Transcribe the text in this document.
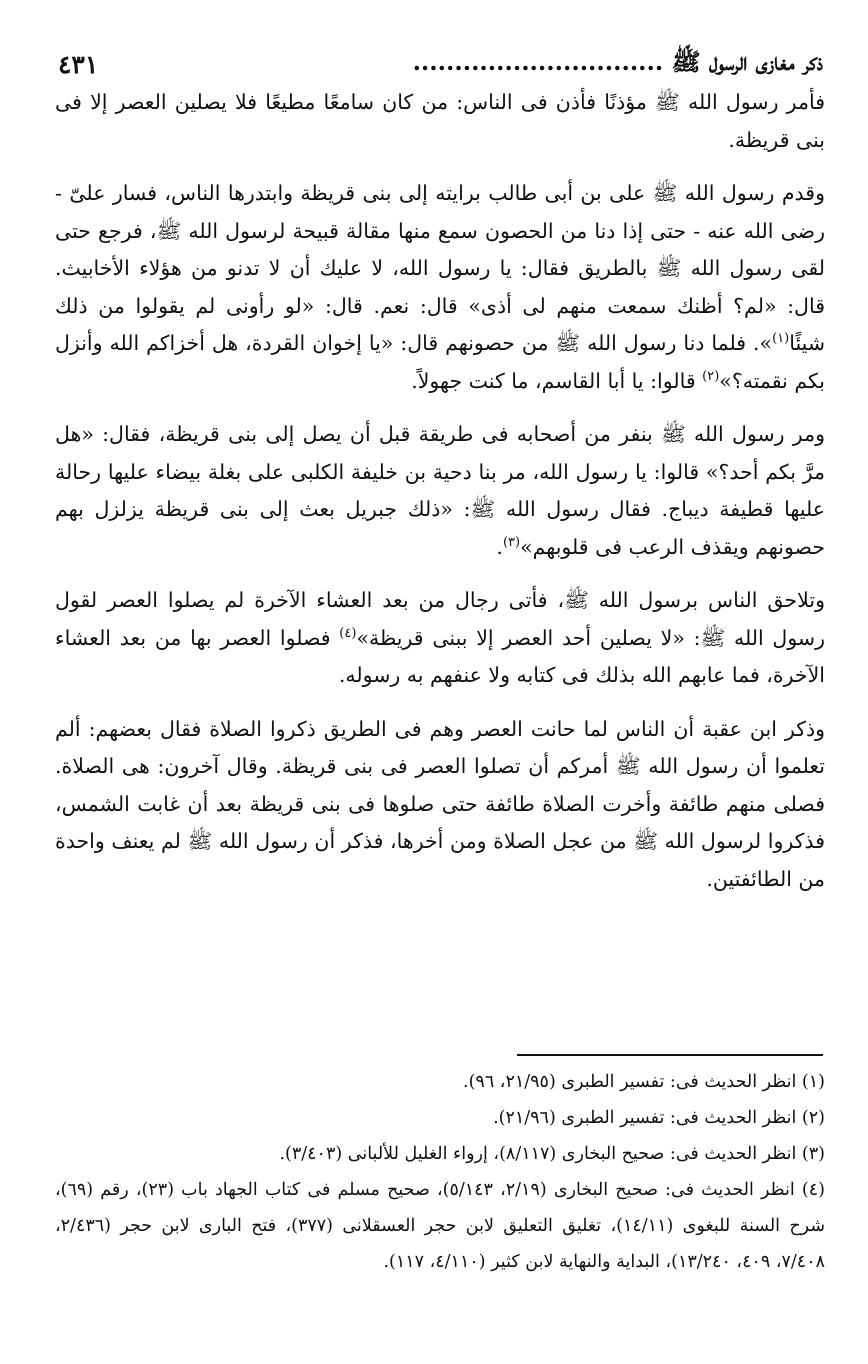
ذكر مغازى الرسول ﷺ ..............................
٤٣١

فأمر رسول الله ﷺ مؤذنًا فأذن فى الناس: من كان سامعًا مطيعًا فلا يصلين العصر إلا فى بنى قريظة.

وقدم رسول الله ﷺ على بن أبى طالب برايته إلى بنى قريظة وابتدرها الناس، فسار علىّ - رضى الله عنه - حتى إذا دنا من الحصون سمع منها مقالة قبيحة لرسول الله ﷺ، فرجع حتى لقى رسول الله ﷺ بالطريق فقال: يا رسول الله، لا عليك أن لا تدنو من هؤلاء الأخابيث. قال: «لم؟ أظنك سمعت منهم لى أذى» قال: نعم. قال: «لو رأونى لم يقولوا من ذلك شيئًا$^{(١)}$». فلما دنا رسول الله ﷺ من حصونهم قال: «يا إخوان القردة، هل أخزاكم الله وأنزل بكم نقمته؟»$^{(٢)}$ قالوا: يا أبا القاسم، ما كنت جهولاً.

ومر رسول الله ﷺ بنفر من أصحابه فى طريقة قبل أن يصل إلى بنى قريظة، فقال: «هل مرَّ بكم أحد؟» قالوا: يا رسول الله، مر بنا دحية بن خليفة الكلبى على بغلة بيضاء عليها رحالة عليها قطيفة ديباج. فقال رسول الله ﷺ: «ذلك جبريل بعث إلى بنى قريظة يزلزل بهم حصونهم ويقذف الرعب فى قلوبهم»$^{(٣)}$.

وتلاحق الناس برسول الله ﷺ، فأتى رجال من بعد العشاء الآخرة لم يصلوا العصر لقول رسول الله ﷺ: «لا يصلين أحد العصر إلا ببنى قريظة»$^{(٤)}$ فصلوا العصر بها من بعد العشاء الآخرة، فما عابهم الله بذلك فى كتابه ولا عنفهم به رسوله.

وذكر ابن عقبة أن الناس لما حانت العصر وهم فى الطريق ذكروا الصلاة فقال بعضهم: ألم تعلموا أن رسول الله ﷺ أمركم أن تصلوا العصر فى بنى قريظة. وقال آخرون: هى الصلاة. فصلى منهم طائفة وأخرت الصلاة طائفة حتى صلوها فى بنى قريظة بعد أن غابت الشمس، فذكروا لرسول الله ﷺ من عجل الصلاة ومن أخرها، فذكر أن رسول الله ﷺ لم يعنف واحدة من الطائفتين.

(١) انظر الحديث فى: تفسير الطبرى (٢١/٩٥، ٩٦).

(٢) انظر الحديث فى: تفسير الطبرى (٢١/٩٦).

(٣) انظر الحديث فى: صحيح البخارى (٨/١١٧)، إرواء الغليل للألبانى (٣/٤٠٣).

(٤) انظر الحديث فى: صحيح البخارى (٢/١٩، ٥/١٤٣)، صحيح مسلم فى كتاب الجهاد باب (٢٣)، رقم (٦٩)، شرح السنة للبغوى (١٤/١١)، تغليق التعليق لابن حجر العسقلانى (٣٧٧)، فتح البارى لابن حجر (٢/٤٣٦، ٧/٤٠٨، ٤٠٩، ١٣/٢٤٠)، البداية والنهاية لابن كثير (٤/١١٠، ١١٧).
